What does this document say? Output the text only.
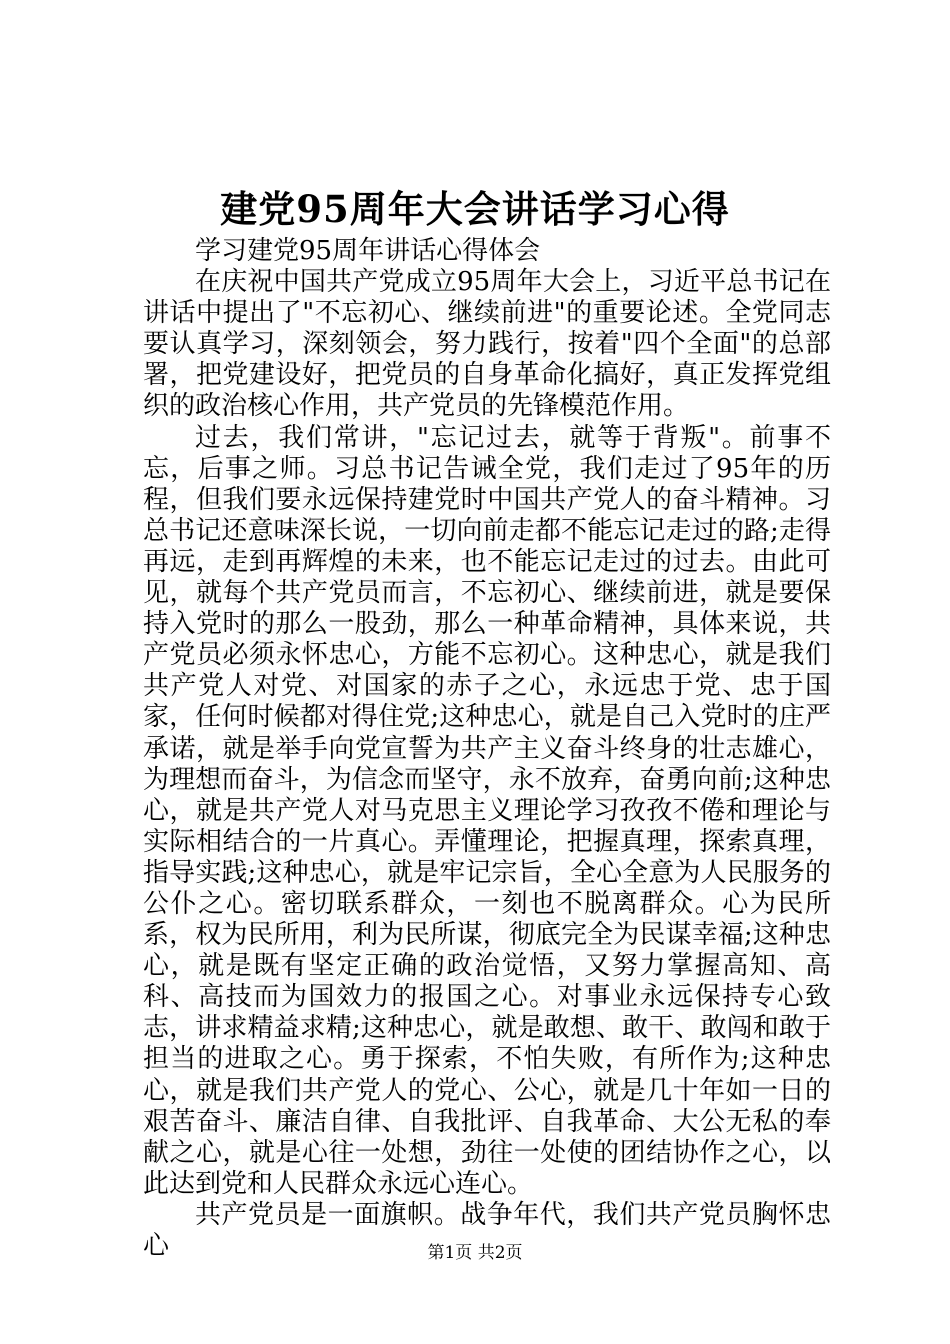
建党95周年大会讲话学习心得

学习建党95周年讲话心得体会

在庆祝中国共产党成立95周年大会上，习近平总书记在讲话中提出了"不忘初心、继续前进"的重要论述。全党同志要认真学习，深刻领会，努力践行，按着"四个全面"的总部署，把党建设好，把党员的自身革命化搞好，真正发挥党组织的政治核心作用，共产党员的先锋模范作用。

过去，我们常讲，"忘记过去，就等于背叛"。前事不忘，后事之师。习总书记告诫全党，我们走过了95年的历程，但我们要永远保持建党时中国共产党人的奋斗精神。习总书记还意味深长说，一切向前走都不能忘记走过的路;走得再远，走到再辉煌的未来，也不能忘记走过的过去。由此可见，就每个共产党员而言，不忘初心、继续前进，就是要保持入党时的那么一股劲，那么一种革命精神，具体来说，共产党员必须永怀忠心，方能不忘初心。这种忠心，就是我们共产党人对党、对国家的赤子之心，永远忠于党、忠于国家，任何时候都对得住党;这种忠心，就是自己入党时的庄严承诺，就是举手向党宣誓为共产主义奋斗终身的壮志雄心，为理想而奋斗，为信念而坚守，永不放弃，奋勇向前;这种忠心，就是共产党人对马克思主义理论学习孜孜不倦和理论与实际相结合的一片真心。弄懂理论，把握真理，探索真理，指导实践;这种忠心，就是牢记宗旨，全心全意为人民服务的公仆之心。密切联系群众，一刻也不脱离群众。心为民所系，权为民所用，利为民所谋，彻底完全为民谋幸福;这种忠心，就是既有坚定正确的政治觉悟，又努力掌握高知、高科、高技而为国效力的报国之心。对事业永远保持专心致志，讲求精益求精;这种忠心，就是敢想、敢干、敢闯和敢于担当的进取之心。勇于探索，不怕失败，有所作为;这种忠心，就是我们共产党人的党心、公心，就是几十年如一日的艰苦奋斗、廉洁自律、自我批评、自我革命、大公无私的奉献之心，就是心往一处想，劲往一处使的团结协作之心，以此达到党和人民群众永远心连心。

共产党员是一面旗帜。战争年代，我们共产党员胸怀忠心	第1页 共2页
